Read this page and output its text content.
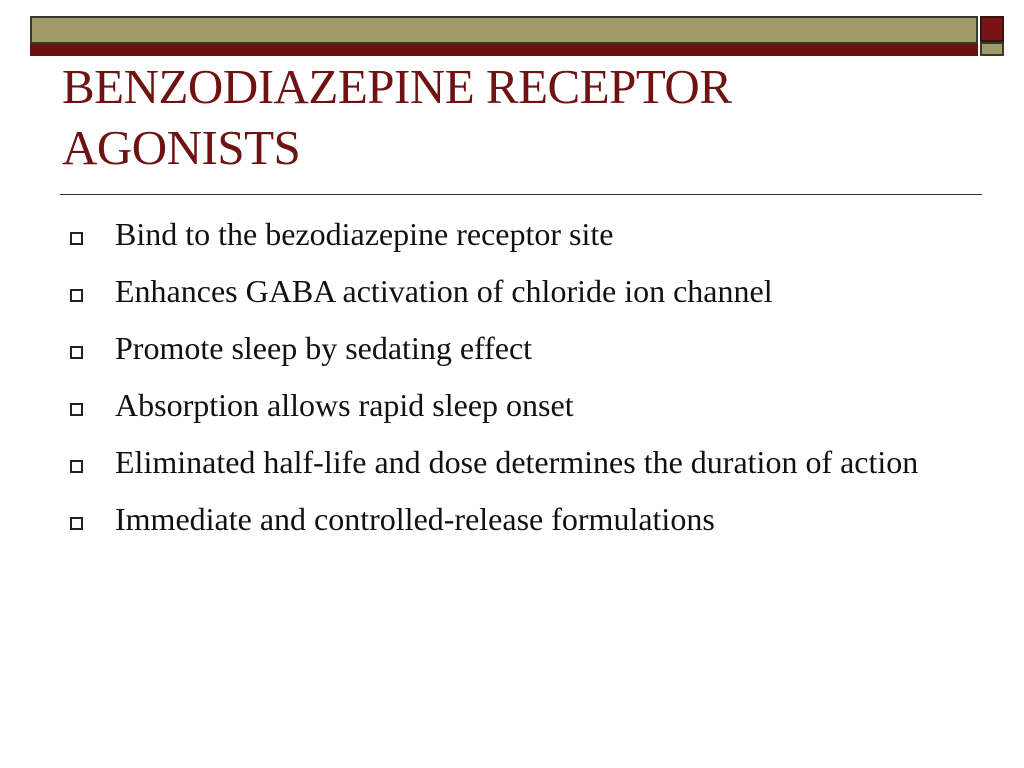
BENZODIAZEPINE RECEPTOR AGONISTS
Bind to the bezodiazepine receptor site
Enhances GABA activation of chloride ion channel
Promote sleep by sedating effect
Absorption allows rapid sleep onset
Eliminated half-life and dose determines the duration of action
Immediate and controlled-release formulations
